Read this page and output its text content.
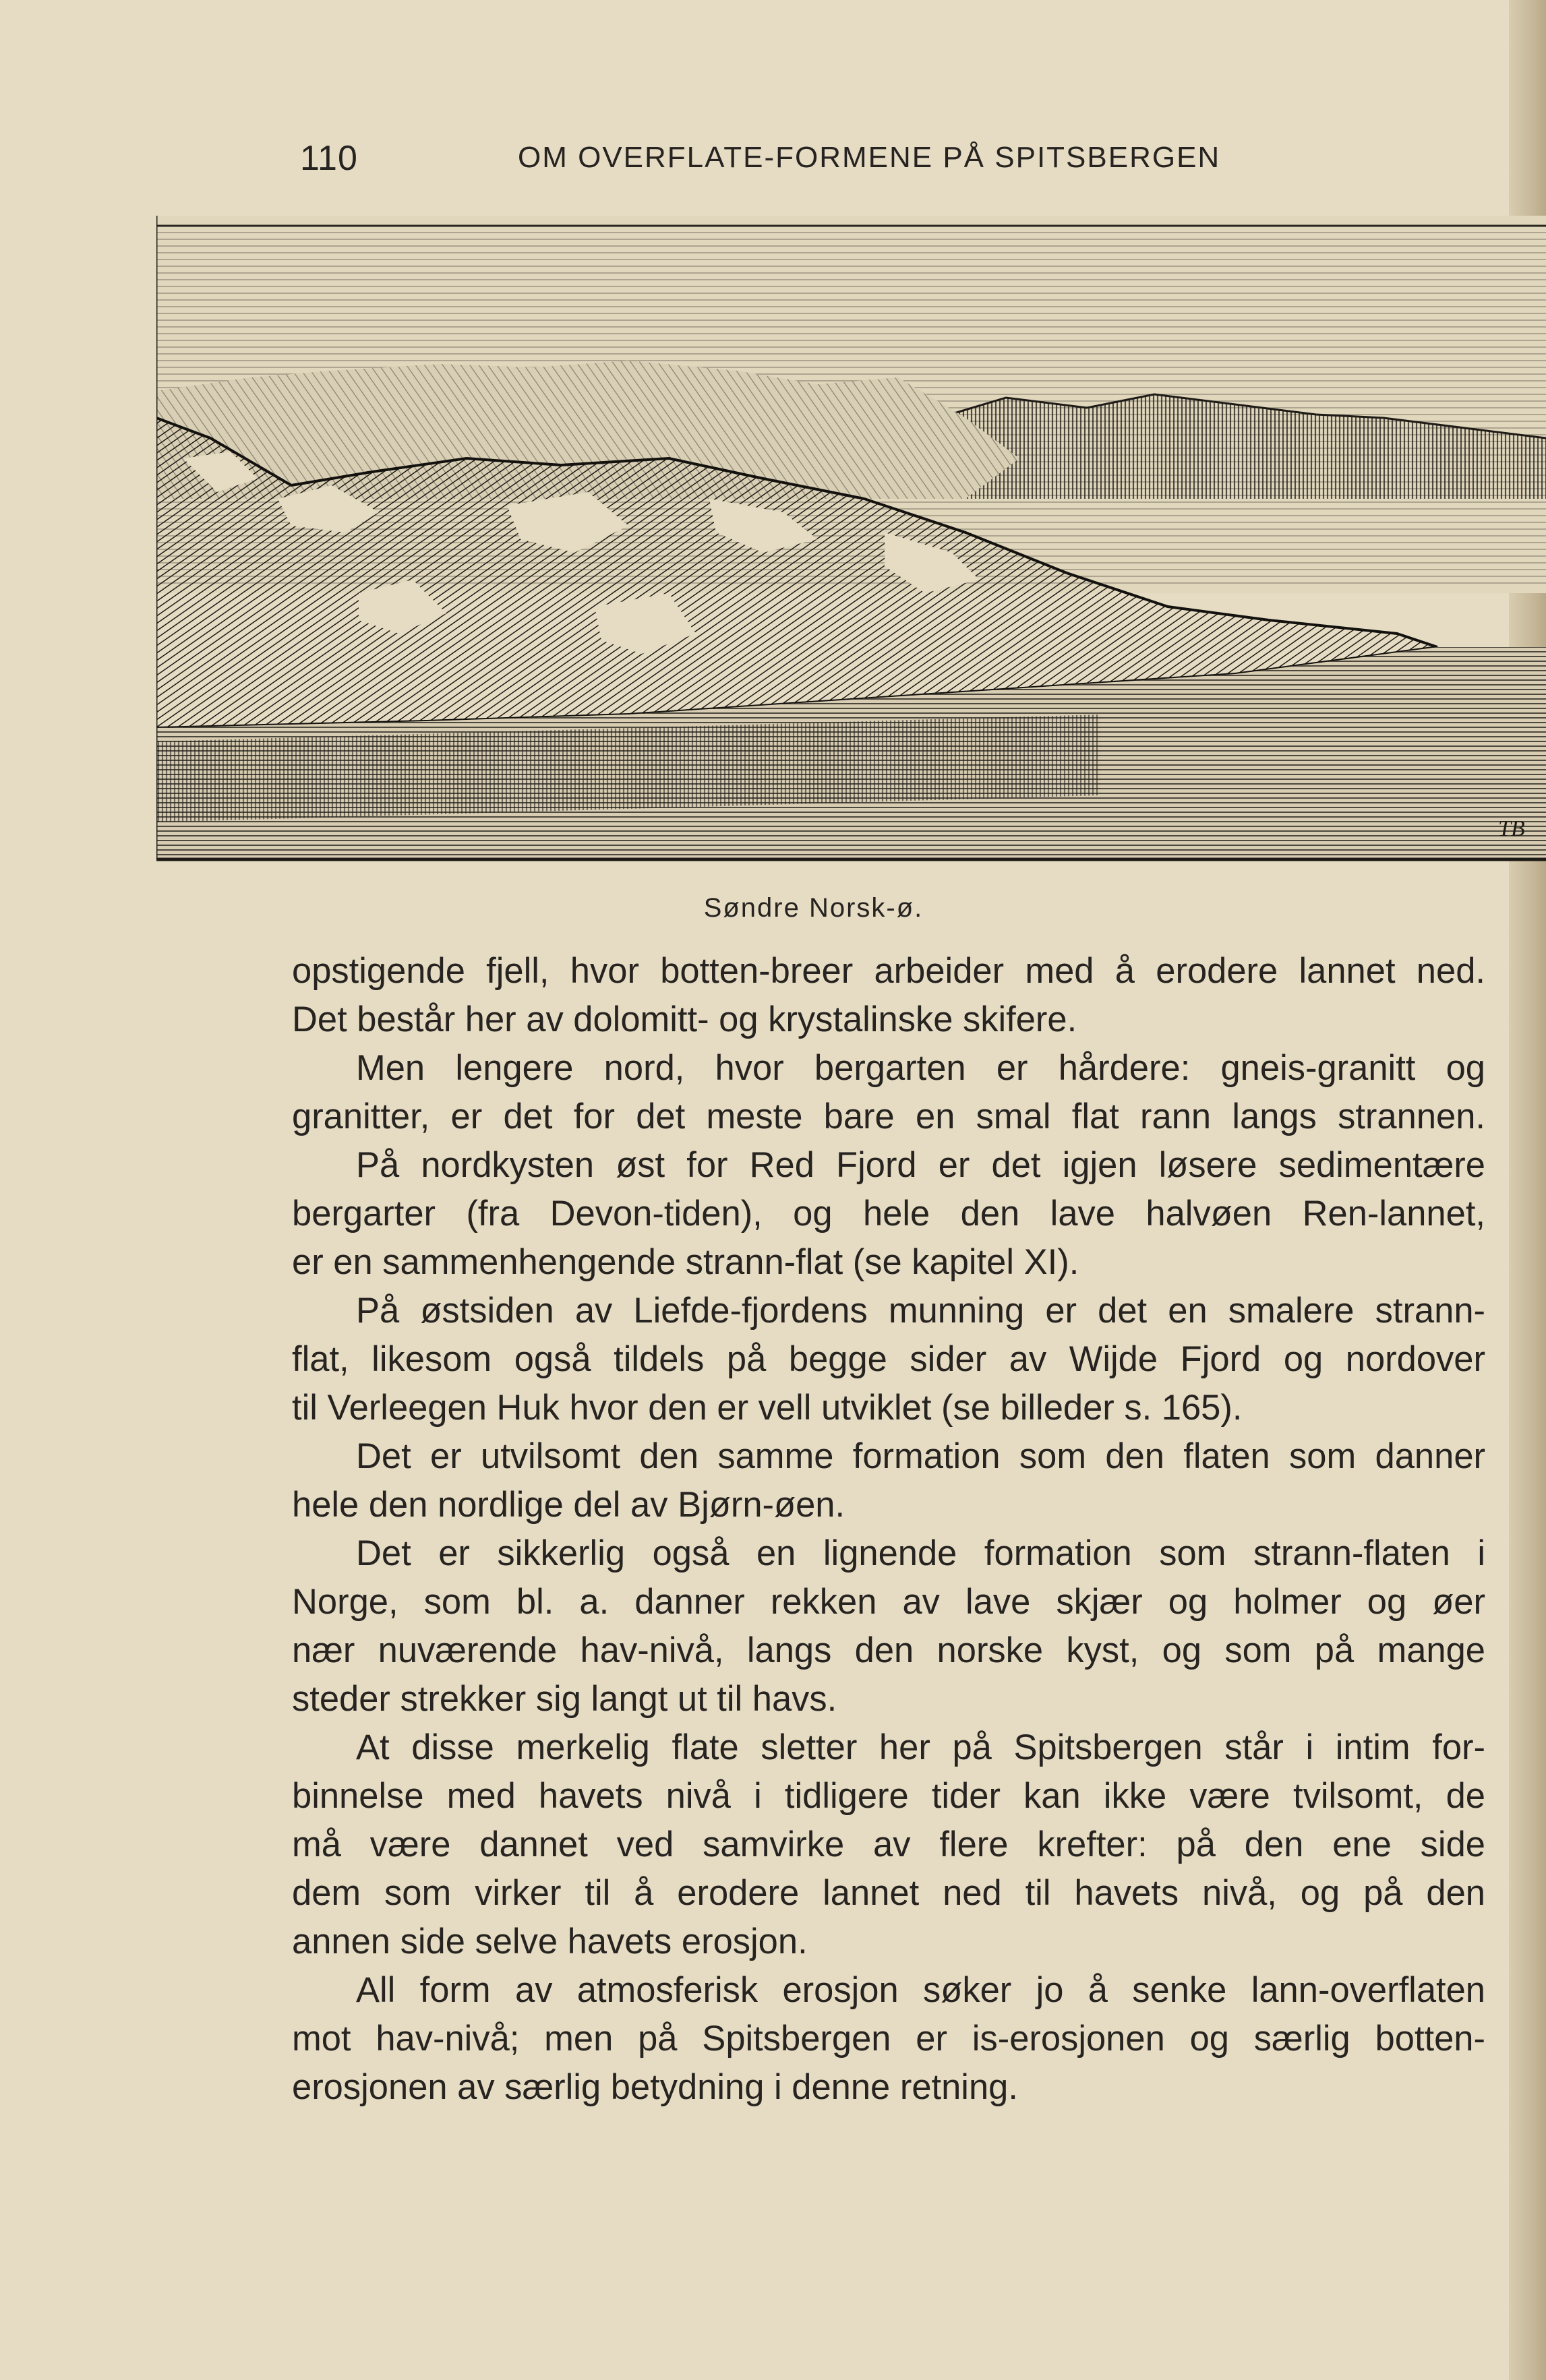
110	OM OVERFLATE-FORMENE PÅ SPITSBERGEN
TB
Søndre Norsk-ø.
opstigende fjell, hvor botten-breer arbeider med å erodere lannet ned.
Det består her av dolomitt- og krystalinske skifere.
Men lengere nord, hvor bergarten er hårdere: gneis-granitt og
granitter, er det for det meste bare en smal flat rann langs strannen.
På nordkysten øst for Red Fjord er det igjen løsere sedimentære
bergarter (fra Devon-tiden), og hele den lave halvøen Ren-lannet,
er en sammenhengende strann-flat (se kapitel XI).
På østsiden av Liefde-fjordens munning er det en smalere strann-
flat, likesom også tildels på begge sider av Wijde Fjord og nordover
til Verleegen Huk hvor den er vell utviklet (se billeder s. 165).
Det er utvilsomt den samme formation som den flaten som danner
hele den nordlige del av Bjørn-øen.
Det er sikkerlig også en lignende formation som strann-flaten i
Norge, som bl. a. danner rekken av lave skjær og holmer og øer
nær nuværende hav-nivå, langs den norske kyst, og som på mange
steder strekker sig langt ut til havs.
At disse merkelig flate sletter her på Spitsbergen står i intim for-
binnelse med havets nivå i tidligere tider kan ikke være tvilsomt, de
må være dannet ved samvirke av flere krefter: på den ene side
dem som virker til å erodere lannet ned til havets nivå, og på den
annen side selve havets erosjon.
All form av atmosferisk erosjon søker jo å senke lann-overflaten
mot hav-nivå; men på Spitsbergen er is-erosjonen og særlig botten-
erosjonen av særlig betydning i denne retning.
